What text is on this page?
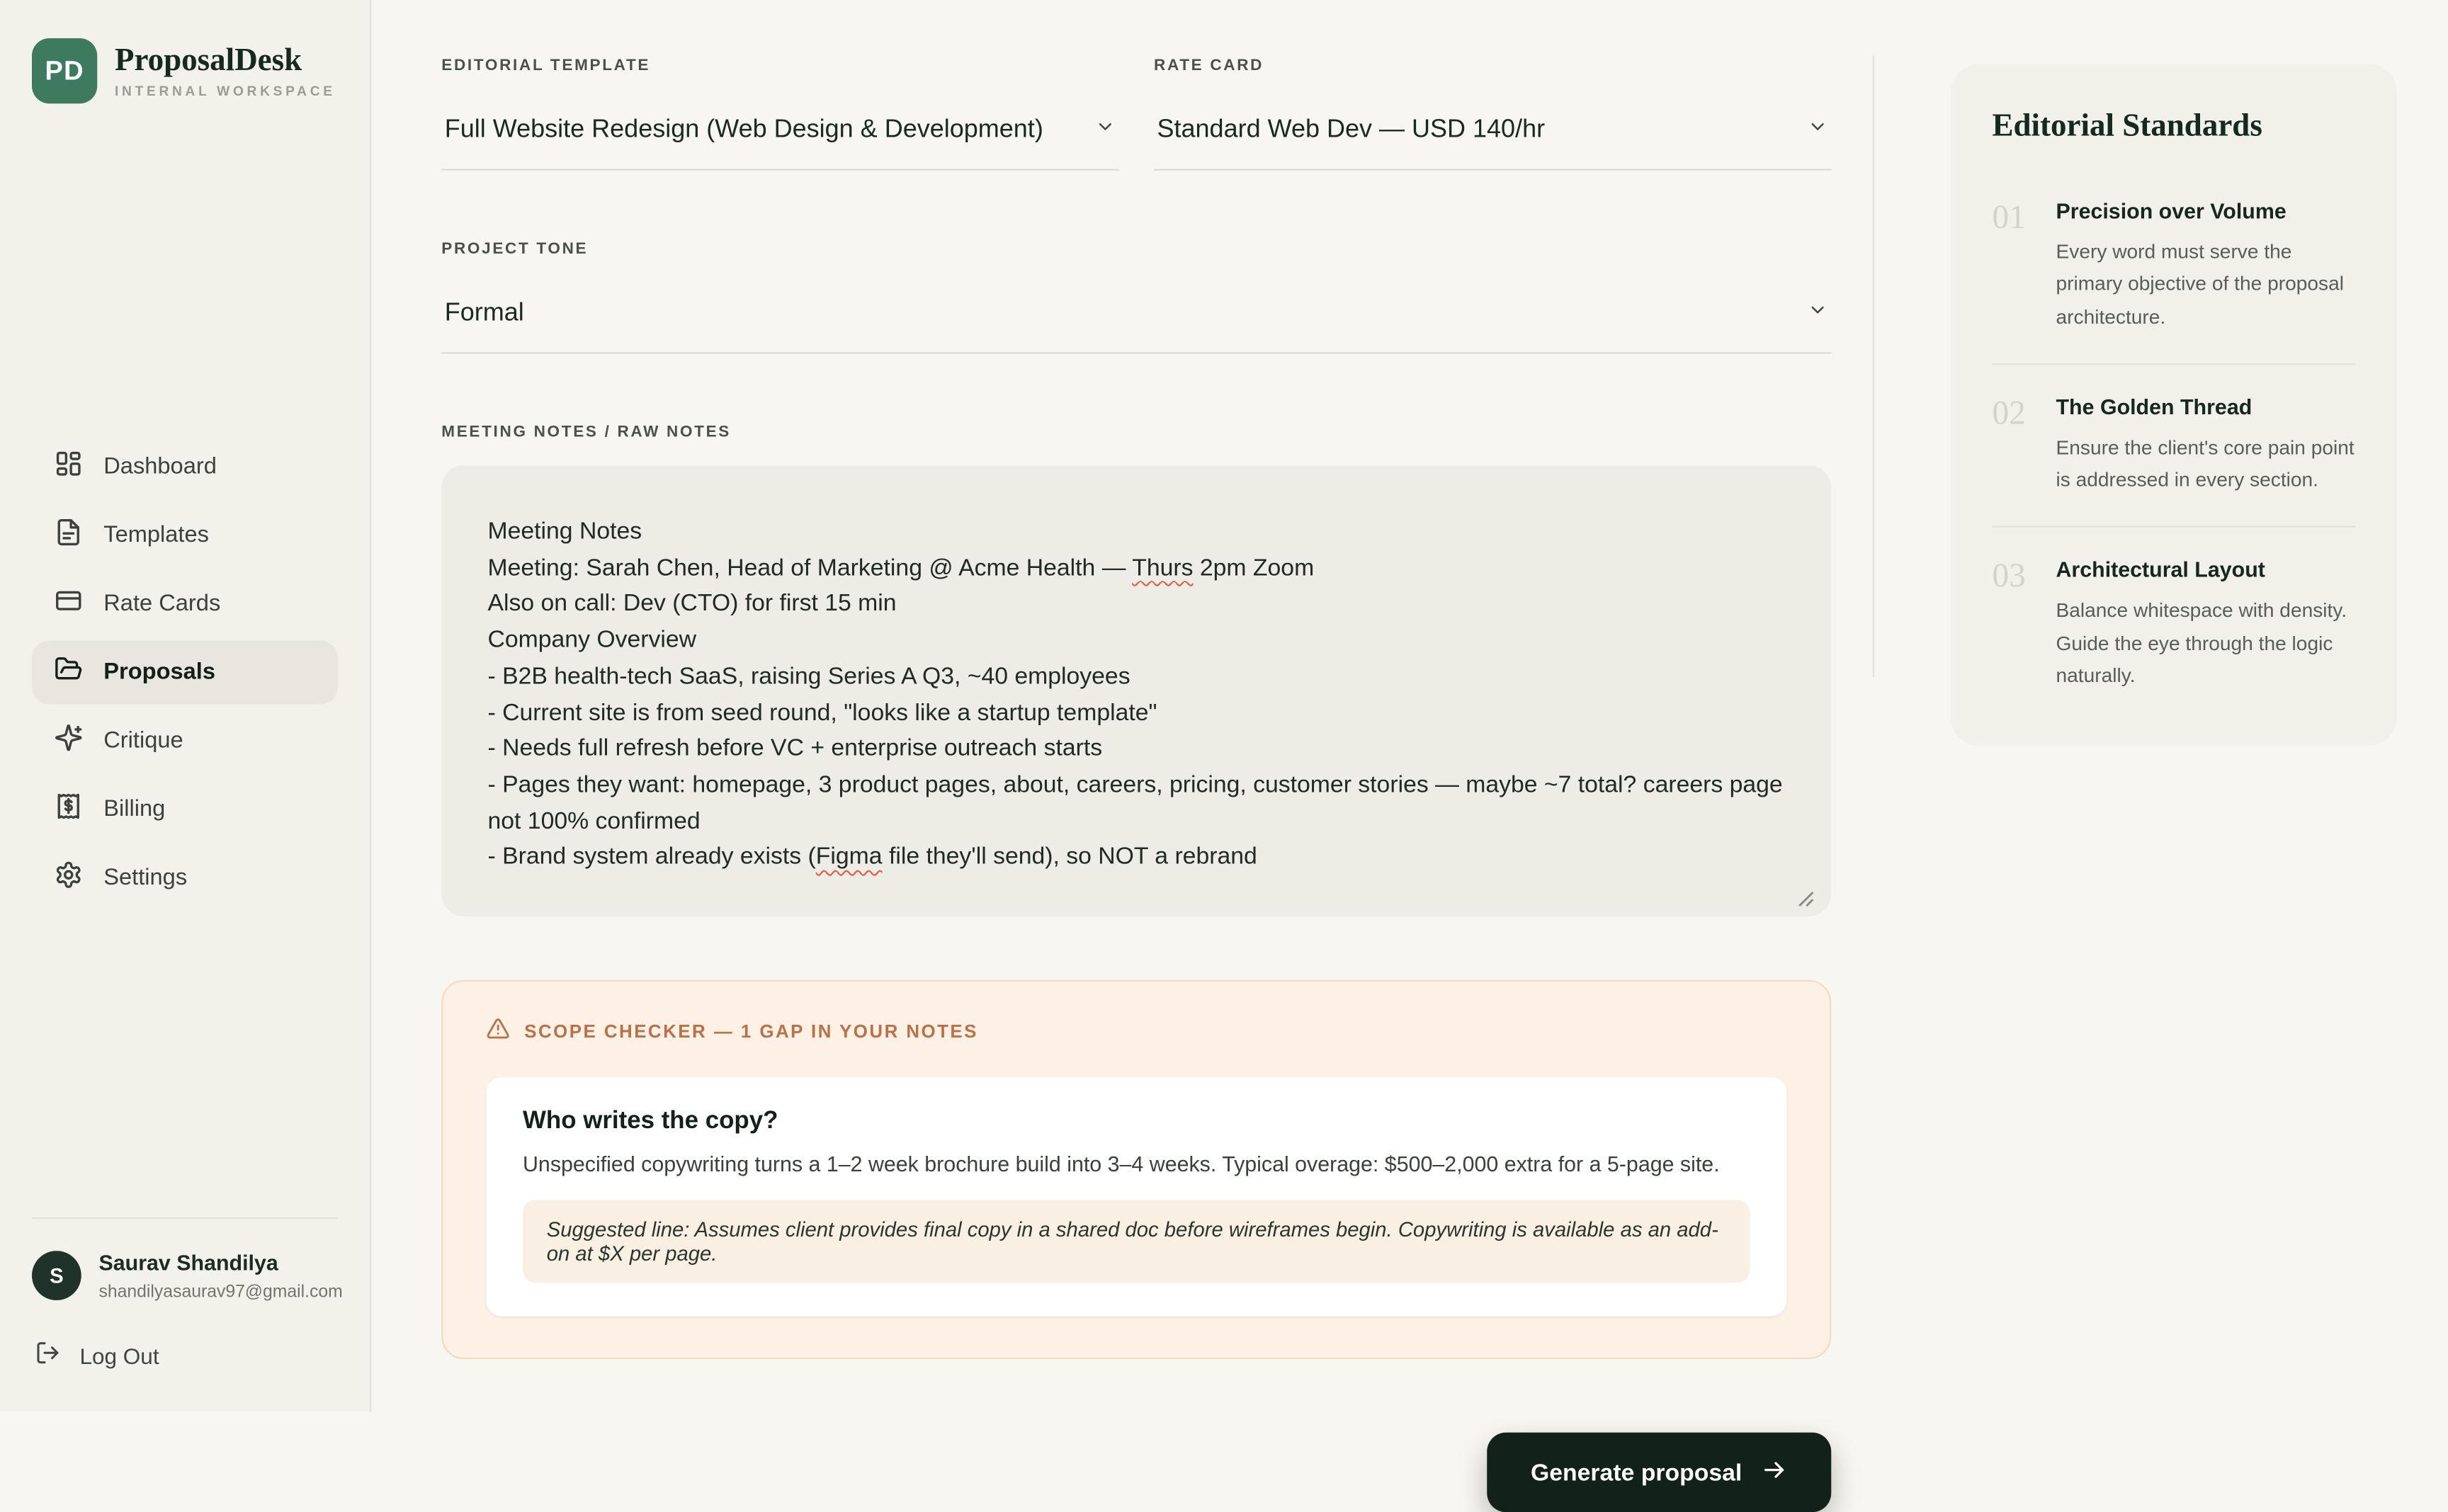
PD	ProposalDesk
INTERNAL WORKSPACE
Dashboard
Templates
Rate Cards
Proposals
Critique
Billing
Settings
S
Saurav Shandilya
shandilyasaurav97@gmail.com
Log Out
EDITORIAL TEMPLATE
Full Website Redesign (Web Design & Development)
RATE CARD
Standard Web Dev — USD 140/hr
PROJECT TONE
Formal
MEETING NOTES / RAW NOTES
Meeting Notes
Meeting: Sarah Chen, Head of Marketing @ Acme Health — Thurs 2pm Zoom
Also on call: Dev (CTO) for first 15 min
Company Overview
- B2B health-tech SaaS, raising Series A Q3, ~40 employees
- Current site is from seed round, "looks like a startup template"
- Needs full refresh before VC + enterprise outreach starts
- Pages they want: homepage, 3 product pages, about, careers, pricing, customer stories — maybe ~7 total? careers page not 100% confirmed
- Brand system already exists (Figma file they'll send), so NOT a rebrand
SCOPE CHECKER — 1 GAP IN YOUR NOTES
Who writes the copy?
Unspecified copywriting turns a 1–2 week brochure build into 3–4 weeks. Typical overage: $500–2,000 extra for a 5-page site.
Suggested line: Assumes client provides final copy in a shared doc before wireframes begin. Copywriting is available as an add-on at $X per page.
Generate proposal
Editorial Standards
01	Precision over Volume
Every word must serve the primary objective of the proposal architecture.
02	The Golden Thread
Ensure the client's core pain point is addressed in every section.
03	Architectural Layout
Balance whitespace with density. Guide the eye through the logic naturally.
